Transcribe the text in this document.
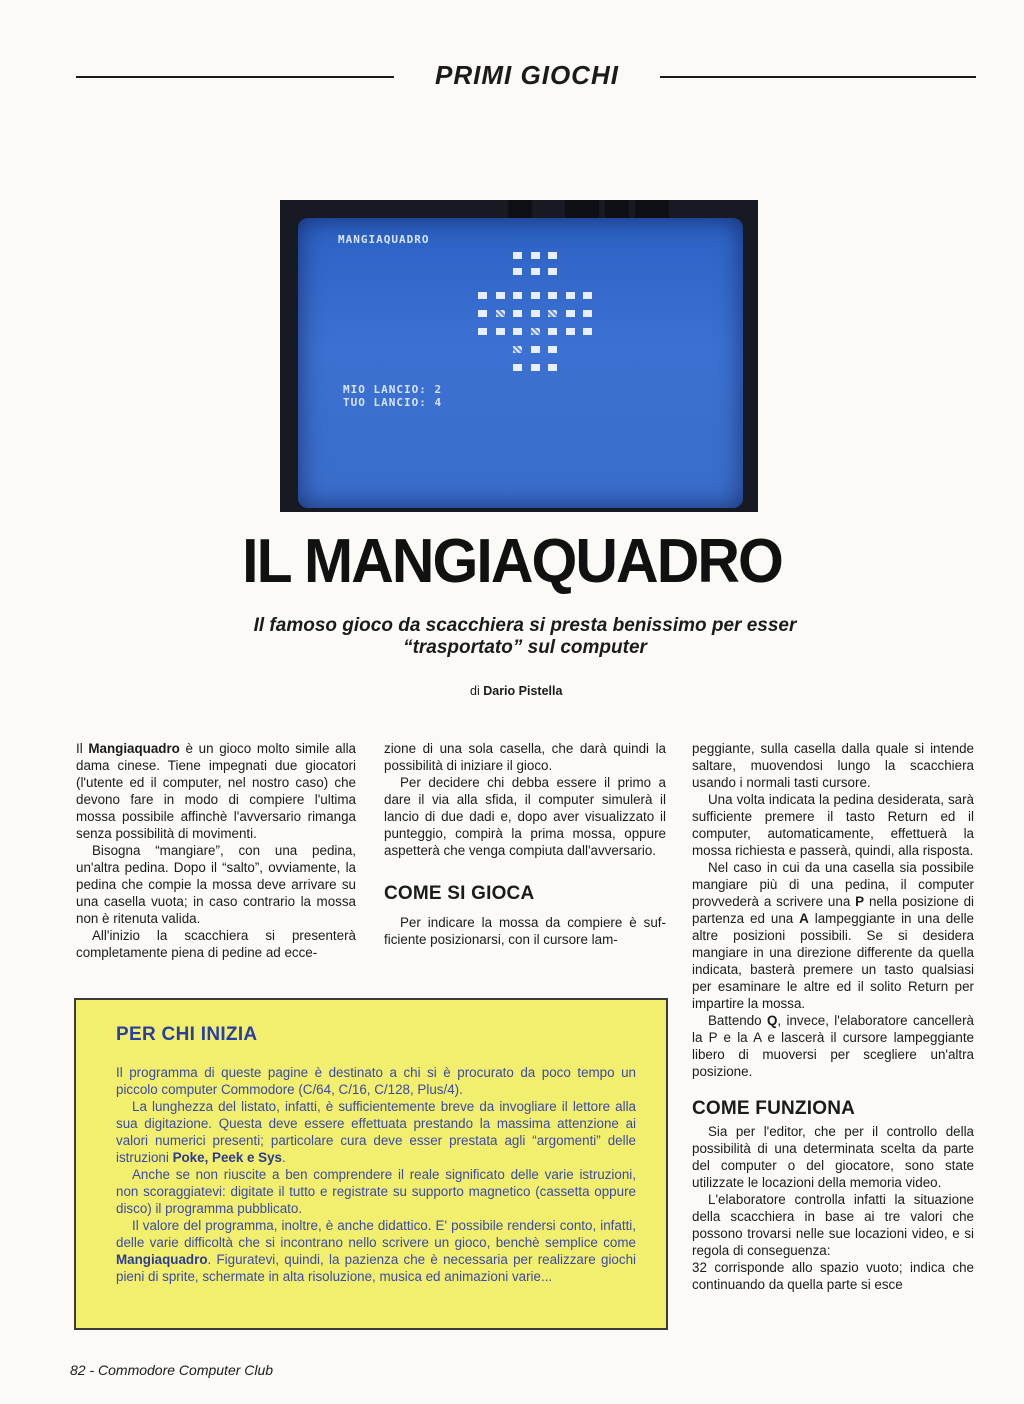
PRIMI GIOCHI
MANGIAQUADRO
MIO LANCIO: 2
TUO LANCIO: 4
IL MANGIAQUADRO
Il famoso gioco da scacchiera si presta benissimo per esser
“trasportato” sul computer
di Dario Pistella

Il Mangiaquadro è un gioco molto simile alla dama cinese. Tiene impegnati due giocatori (l'utente ed il computer, nel nostro caso) che devono fare in modo di compiere l'ultima mossa possibile affinchè l'avversario rimanga senza possibilità di movimenti.

Bisogna “mangiare”, con una pedina, un'altra pedina. Dopo il “salto”, ovviamente, la pedina che compie la mossa deve arrivare su una casella vuota; in caso contrario la mossa non è ritenuta valida.

All'inizio la scacchiera si presenterà completamente piena di pedine ad ecce-

zione di una sola casella, che darà quindi la possibilità di iniziare il gioco.

Per decidere chi debba essere il primo a dare il via alla sfida, il computer simulerà il lancio di due dadi e, dopo aver visualizzato il punteggio, compirà la prima mossa, oppure aspetterà che venga compiuta dall'avversario.

COME SI GIOCA

Per indicare la mossa da compiere è sufficiente posizionarsi, con il cursore lam-

peggiante, sulla casella dalla quale si intende saltare, muovendosi lungo la scacchiera usando i normali tasti cursore.

Una volta indicata la pedina desiderata, sarà sufficiente premere il tasto Return ed il computer, automaticamente, effettuerà la mossa richiesta e passerà, quindi, alla risposta.

Nel caso in cui da una casella sia possibile mangiare più di una pedina, il computer provvederà a scrivere una P nella posizione di partenza ed una A lampeggiante in una delle altre posizioni possibili. Se si desidera mangiare in una direzione differente da quella indicata, basterà premere un tasto qualsiasi per esaminare le altre ed il solito Return per impartire la mossa.

Battendo Q, invece, l'elaboratore cancellerà la P e la A e lascerà il cursore lampeggiante libero di muoversi per scegliere un'altra posizione.

COME FUNZIONA

Sia per l'editor, che per il controllo della possibilità di una determinata scelta da parte del computer o del giocatore, sono state utilizzate le locazioni della memoria video.

L'elaboratore controlla infatti la situazione della scacchiera in base ai tre valori che possono trovarsi nelle sue locazioni video, e si regola di conseguenza:

32 corrisponde allo spazio vuoto; indica che continuando da quella parte si esce

PER CHI INIZIA

Il programma di queste pagine è destinato a chi si è procurato da poco tempo un piccolo computer Commodore (C/64, C/16, C/128, Plus/4).

La lunghezza del listato, infatti, è sufficientemente breve da invogliare il lettore alla sua digitazione. Questa deve essere effettuata prestando la massima attenzione ai valori numerici presenti; particolare cura deve esser prestata agli “argomenti” delle istruzioni Poke, Peek e Sys.

Anche se non riuscite a ben comprendere il reale significato delle varie istruzioni, non scoraggiatevi: digitate il tutto e registrate su supporto magnetico (cassetta oppure disco) il programma pubblicato.

Il valore del programma, inoltre, è anche didattico. E' possibile rendersi conto, infatti, delle varie difficoltà che si incontrano nello scrivere un gioco, benchè semplice come Mangiaquadro. Figuratevi, quindi, la pazienza che è necessaria per realizzare giochi pieni di sprite, schermate in alta risoluzione, musica ed animazioni varie...

82 - Commodore Computer Club
